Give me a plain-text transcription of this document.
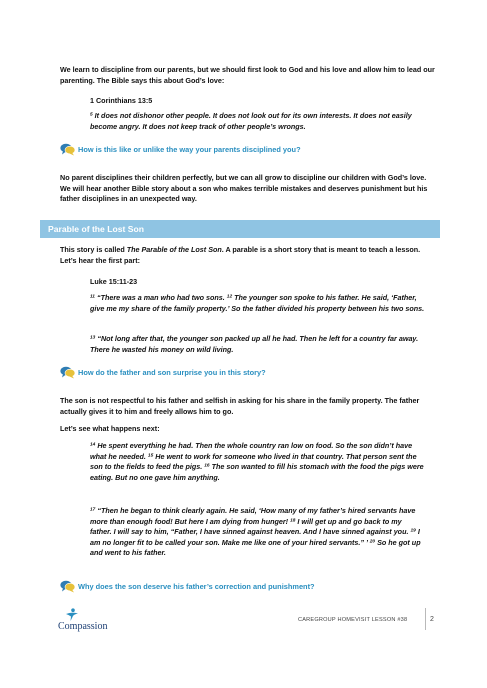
We learn to discipline from our parents, but we should first look to God and his love and allow him to lead our parenting. The Bible says this about God’s love:

1 Corinthians 13:5

$^5$ It does not dishonor other people. It does not look out for its own interests. It does not easily become angry. It does not keep track of other people’s wrongs.

How is this like or unlike the way your parents disciplined you?

No parent disciplines their children perfectly, but we can all grow to discipline our children with God’s love. We will hear another Bible story about a son who makes terrible mistakes and deserves punishment but his father disciplines in an unexpected way.

Parable of the Lost Son

This story is called The Parable of the Lost Son. A parable is a short story that is meant to teach a lesson. Let’s hear the first part:

Luke 15:11-23

$^{11}$ “There was a man who had two sons. $^{12}$ The younger son spoke to his father. He said, ‘Father, give me my share of the family property.’ So the father divided his property between his two sons.

$^{13}$ “Not long after that, the younger son packed up all he had. Then he left for a country far away. There he wasted his money on wild living.

How do the father and son surprise you in this story?

The son is not respectful to his father and selfish in asking for his share in the family property. The father actually gives it to him and freely allows him to go.

Let’s see what happens next:

$^{14}$ He spent everything he had. Then the whole country ran low on food. So the son didn’t have what he needed. $^{15}$ He went to work for someone who lived in that country. That person sent the son to the fields to feed the pigs. $^{16}$ The son wanted to fill his stomach with the food the pigs were eating. But no one gave him anything.

$^{17}$ “Then he began to think clearly again. He said, ‘How many of my father’s hired servants have more than enough food! But here I am dying from hunger! $^{18}$ I will get up and go back to my father. I will say to him, “Father, I have sinned against heaven. And I have sinned against you. $^{19}$ I am no longer fit to be called your son. Make me like one of your hired servants.” ’ $^{20}$ So he got up and went to his father.

Why does the son deserve his father’s correction and punishment?
Compassion
CAREGROUP HOMEVISIT LESSON #38	2
